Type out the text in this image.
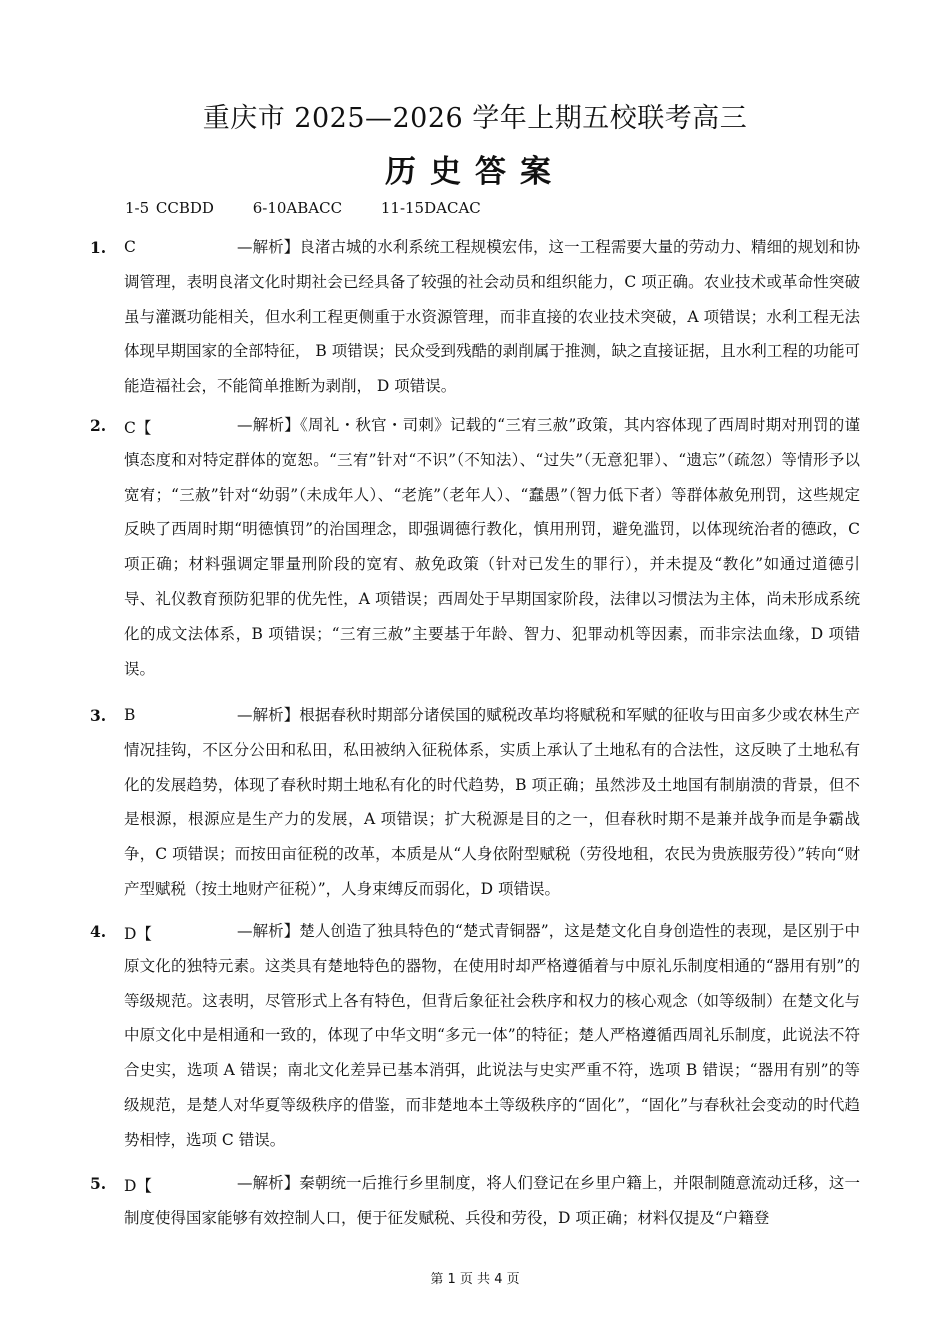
重庆市 2025—2026 学年上期五校联考高三
历史答案
1-5 CCBDD	6-10ABACC	11-15DACAC
1. C	—解析】良渚古城的水利系统工程规模宏伟，这一工程需要大量的劳动力、精细的规划和协调管理，表明良渚文化时期社会已经具备了较强的社会动员和组织能力，C 项正确。农业技术或革命性突破虽与灌溉功能相关，但水利工程更侧重于水资源管理，而非直接的农业技术突破，A 项错误；水利工程无法体现早期国家的全部特征， B 项错误；民众受到残酷的剥削属于推测，缺之直接证据，且水利工程的功能可能造福社会，不能简单推断为剥削， D 项错误。
2. C【	—解析】《周礼・秋官・司刺》记载的“三宥三赦”政策，其内容体现了西周时期对刑罚的谨慎态度和对特定群体的宽恕。“三宥”针对“不识”（不知法）、“过失”（无意犯罪）、“遗忘”（疏忽）等情形予以宽宥；“三赦”针对“幼弱”（未成年人）、“老旄”（老年人）、“蠢愚”（智力低下者）等群体赦免刑罚，这些规定反映了西周时期“明德慎罚”的治国理念，即强调德行教化，慎用刑罚，避免滥罚，以体现统治者的德政，C 项正确；材料强调定罪量刑阶段的宽宥、赦免政策（针对已发生的罪行），并未提及“教化”如通过道德引导、礼仪教育预防犯罪的优先性，A 项错误；西周处于早期国家阶段，法律以习惯法为主体，尚未形成系统化的成文法体系，B 项错误；“三宥三赦”主要基于年龄、智力、犯罪动机等因素，而非宗法血缘，D 项错误。
3. B	—解析】根据春秋时期部分诸侯国的赋税改革均将赋税和军赋的征收与田亩多少或农林生产情况挂钩，不区分公田和私田，私田被纳入征税体系，实质上承认了土地私有的合法性，这反映了土地私有化的发展趋势，体现了春秋时期土地私有化的时代趋势，B 项正确；虽然涉及土地国有制崩溃的背景，但不是根源，根源应是生产力的发展，A 项错误；扩大税源是目的之一，但春秋时期不是兼并战争而是争霸战争，C 项错误；而按田亩征税的改革，本质是从“人身依附型赋税（劳役地租，农民为贵族服劳役）”转向“财产型赋税（按土地财产征税）”，人身束缚反而弱化，D 项错误。
4. D【	—解析】楚人创造了独具特色的“楚式青铜器”，这是楚文化自身创造性的表现，是区别于中原文化的独特元素。这类具有楚地特色的器物，在使用时却严格遵循着与中原礼乐制度相通的“器用有别”的等级规范。这表明，尽管形式上各有特色，但背后象征社会秩序和权力的核心观念（如等级制）在楚文化与中原文化中是相通和一致的，体现了中华文明“多元一体”的特征；楚人严格遵循西周礼乐制度，此说法不符合史实，选项 A 错误；南北文化差异已基本消弭，此说法与史实严重不符，选项 B 错误；“器用有别”的等级规范，是楚人对华夏等级秩序的借鉴，而非楚地本土等级秩序的“固化”，“固化”与春秋社会变动的时代趋势相悖，选项 C 错误。
5. D【	—解析】秦朝统一后推行乡里制度，将人们登记在乡里户籍上，并限制随意流动迁移，这一制度使得国家能够有效控制人口，便于征发赋税、兵役和劳役，D 项正确；材料仅提及“户籍登
第 1 页 共 4 页
